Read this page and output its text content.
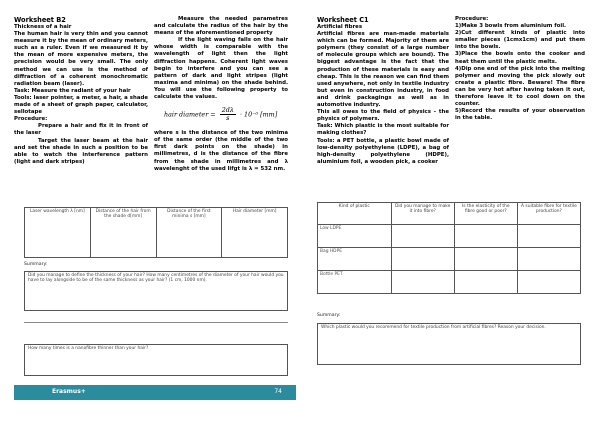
Worksheet B2

Thickness of a hair

The human hair is very thin and you cannot measure it by the mean of ordinary meters, such as a ruler. Even if we measured it by the mean of more expensive meters, the precision would be very small. The only method we can use is the method of diffraction of a coherent monochromatic radiation beam (laser).

Task: Measure the radiant of your hair

Tools: laser pointer, a meter, a hair, a shade made of a sheet of graph paper, calculator, sellotape

Procedure:

Prepare a hair and fix it in front of the laser

Target the laser beam at the hair and set the shade in such a position to be able to watch the interference pattern (light and dark stripes)

Measure the needed parametres and calculate the radius of the hair by the means of the aforementioned property

If the light waving falls on the hair whose width is comparable with the wavelength of light then the light diffraction happens. Coherent light waves begin to interfere and you can see a pattern of dark and light stripes (light maxima and minima) on the shade behind. You will use the following property to calculate the values.

hair diameter = $\frac{2d\lambda}{s} \cdot 10^{-6}$ [mm]

where s is the distance of the two minima of the same order (the middle of the two first dark points on the shade) in millimetres, d is the distance of the fibre from the shade in millimetres and λ wavelenght of the used lifgt is λ = 532 nm.

Laser wavelength λ [nm]	Distance of the hair from the shade d[mm]	Distance of the first minima s [mm]	Hair diameter [mm]
Summary:
Did you manage to define the thickness of your hair? How many centimetres of the diameter of your hair would you have to lay alongside to be of the same thickness as your hair? (1 cm, 1000 nm).
How many times is a nanofibre thinner than your hair?
Erasmus+	74

Worksheet C1

Artificial fibres

Artificial fibres are man-made materials which can be formed. Majority of them are polymers (they consist of a large number of molecule groups which are bound). The biggest advantage is the fact that the production of these materials is easy and cheap. This is the reason we can find them used anywhere, not only in textile industry but even in construction industry, in food and drink packagings as well as in automotive industry.

This all owes to the field of physics - the physics of polymers.

Task: Which plastic is the most suitable for making clothes?

Tools: a PET bottle, a plastic bowl made of low-density polyethylene (LDPE), a bag of high-density polyethylene (HDPE), aluminium foil, a wooden pick, a cooker

Procedure:

1)Make 3 bowls from aluminium foil.

2)Cut different kinds of plastic into smaller pieces (1cmx1cm) and put them into the bowls.

3)Place the bowls onto the cooker and heat them until the plastic melts.

4)Dip one end of the pick into the melting polymer and moving the pick slowly out create a plastic fibre. Beware! The fibre can be very hot after having taken it out, therefore leave it to cool down on the counter.

5)Record the results of your observation in the table.

Kind of plastic	Did you manage to make it into fibre?	Is the elasticity of the fibre good or poor?	A suitable fibre for textile production?
Low LDPE			
Bag HDPE			
Bottle PET			
Summary:
Which plastic would you recommend for textile production from artificial fibres? Reason your decision.
